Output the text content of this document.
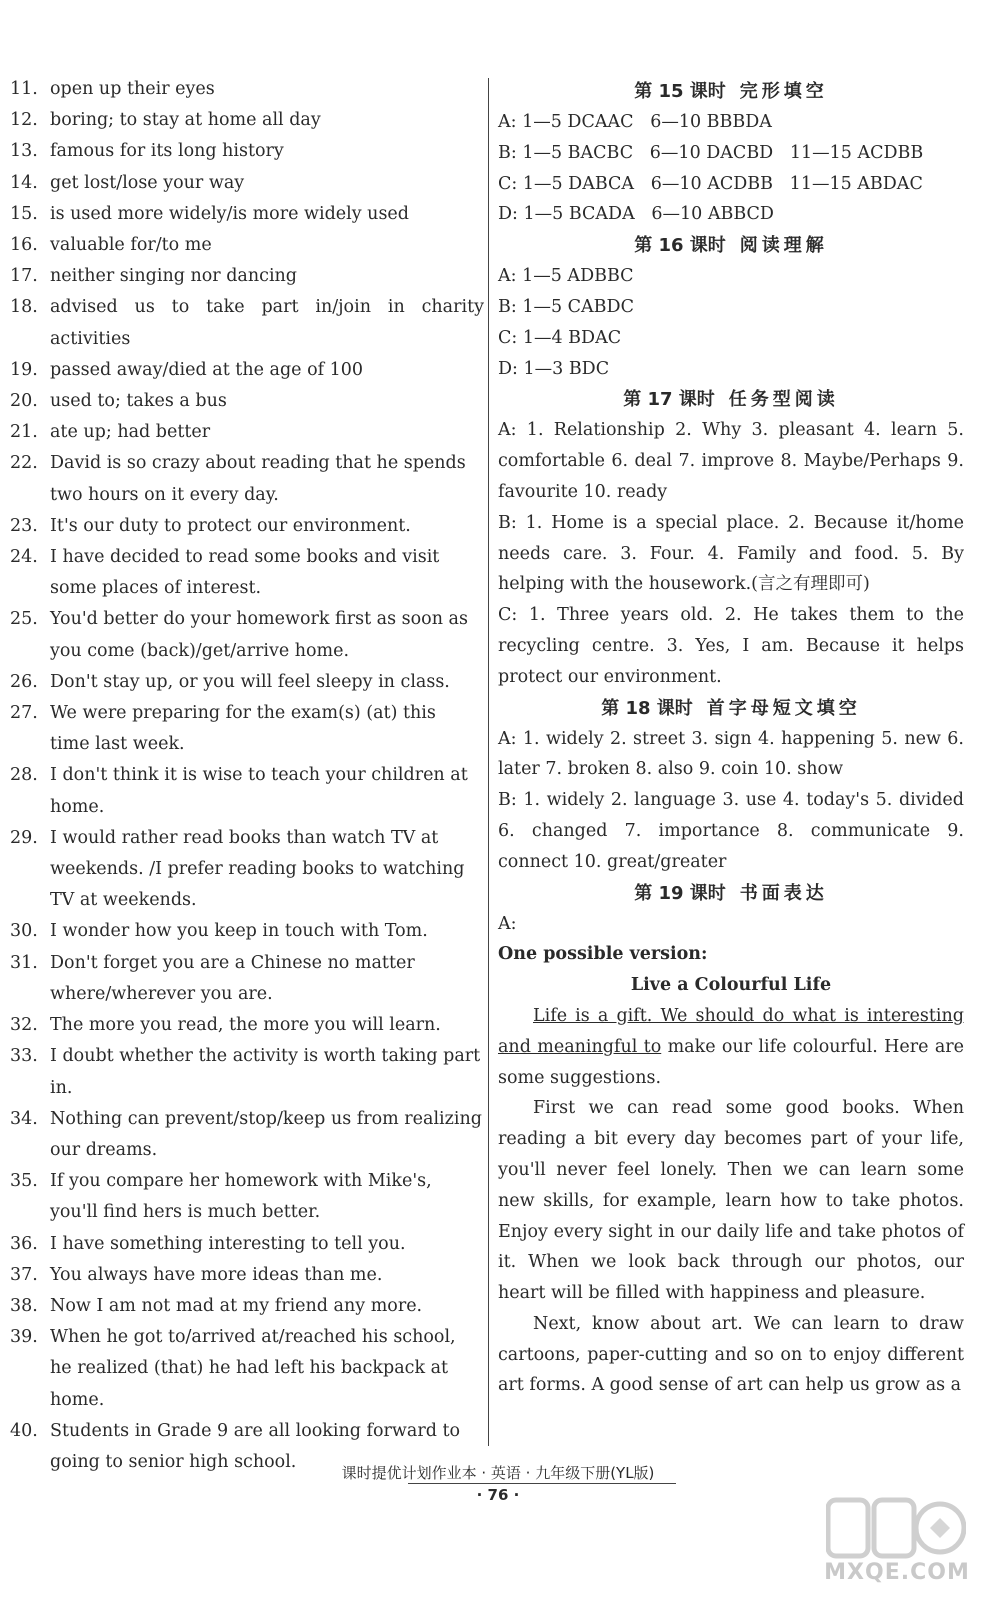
11. open up their eyes
12. boring; to stay at home all day
13. famous for its long history
14. get lost/lose your way
15. is used more widely/is more widely used
16. valuable for/to me
17. neither singing nor dancing
18. advised us to take part in/join in charity activities
19. passed away/died at the age of 100
20. used to; takes a bus
21. ate up; had better
22. David is so crazy about reading that he spends
two hours on it every day.
23. It's our duty to protect our environment.
24. I have decided to read some books and visit
some places of interest.
25. You'd better do your homework first as soon as
you come (back)/get/arrive home.
26. Don't stay up, or you will feel sleepy in class.
27. We were preparing for the exam(s) (at) this
time last week.
28. I don't think it is wise to teach your children at
home.
29. I would rather read books than watch TV at
weekends. /I prefer reading books to watching
TV at weekends.
30. I wonder how you keep in touch with Tom.
31. Don't forget you are a Chinese no matter
where/wherever you are.
32. The more you read, the more you will learn.
33. I doubt whether the activity is worth taking part
in.
34. Nothing can prevent/stop/keep us from realizing
our dreams.
35. If you compare her homework with Mike's,
you'll find hers is much better.
36. I have something interesting to tell you.
37. You always have more ideas than me.
38. Now I am not mad at my friend any more.
39. When he got to/arrived at/reached his school,
he realized (that) he had left his backpack at
home.
40. Students in Grade 9 are all looking forward to
going to senior high school.
第 15 课时 完形填空
A: 1—5 DCAAC   6—10 BBBDA
B: 1—5 BACBC   6—10 DACBD   11—15 ACDBB
C: 1—5 DABCA   6—10 ACDBB   11—15 ABDAC
D: 1—5 BCADA   6—10 ABBCD
第 16 课时 阅读理解
A: 1—5 ADBBC
B: 1—5 CABDC
C: 1—4 BDAC
D: 1—3 BDC
第 17 课时 任务型阅读
A: 1. Relationship 2. Why 3. pleasant 4. learn 5. comfortable 6. deal 7. improve 8. Maybe/Perhaps 9. favourite 10. ready
B: 1. Home is a special place. 2. Because it/home needs care. 3. Four. 4. Family and food. 5. By helping with the housework.(言之有理即可)
C: 1. Three years old. 2. He takes them to the recycling centre. 3. Yes, I am. Because it helps protect our environment.
第 18 课时 首字母短文填空
A: 1. widely 2. street 3. sign 4. happening 5. new 6. later 7. broken 8. also 9. coin 10. show
B: 1. widely 2. language 3. use 4. today's 5. divided 6. changed 7. importance 8. communicate 9. connect 10. great/greater
第 19 课时 书面表达
A:
One possible version:
Live a Colourful Life
Life is a gift. We should do what is interesting and meaningful to make our life colourful. Here are some suggestions.
First we can read some good books. When reading a bit every day becomes part of your life, you'll never feel lonely. Then we can learn some new skills, for example, learn how to take photos. Enjoy every sight in our daily life and take photos of it. When we look back through our photos, our heart will be filled with happiness and pleasure.
Next, know about art. We can learn to draw cartoons, paper-cutting and so on to enjoy different art forms. A good sense of art can help us grow as a
课时提优计划作业本 · 英语 · 九年级下册(YL版)
· 76 ·
MXQE.COM
